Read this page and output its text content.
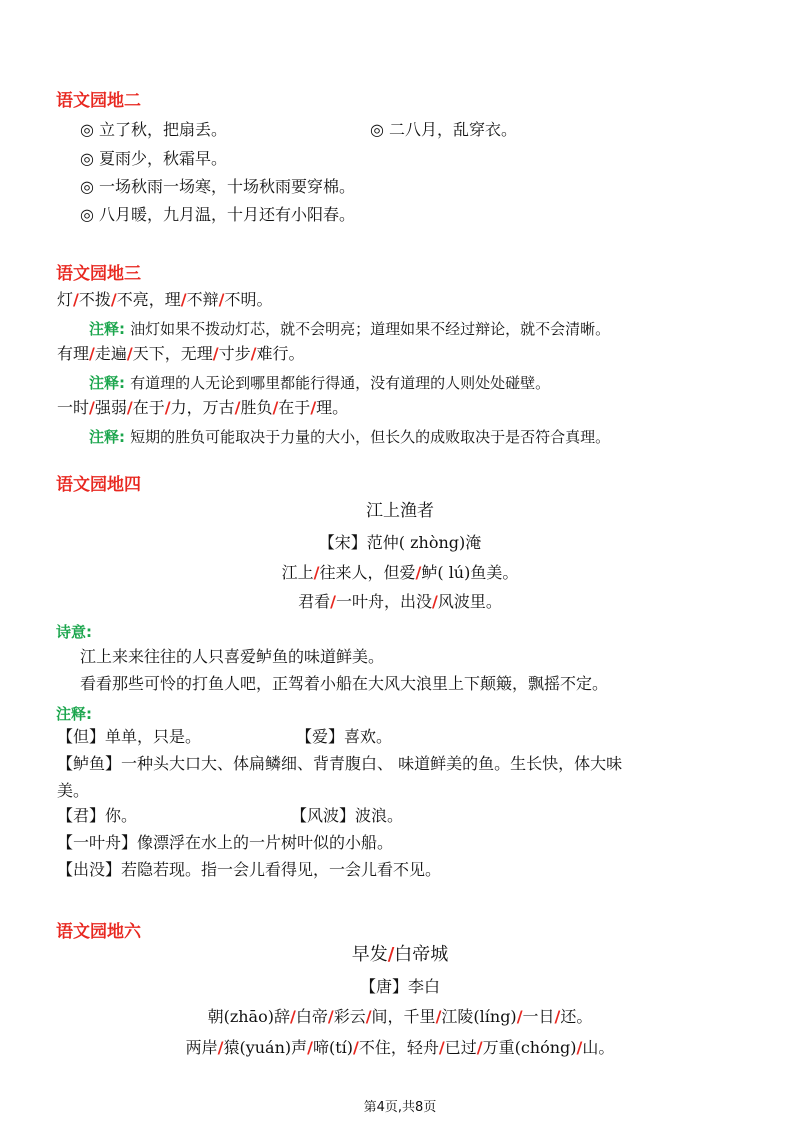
语文园地二
◎ 立了秋，把扇丢。	◎ 二八月，乱穿衣。
◎ 夏雨少，秋霜早。
◎ 一场秋雨一场寒，十场秋雨要穿棉。
◎ 八月暖，九月温，十月还有小阳春。
语文园地三
灯/不拨/不亮，理/不辩/不明。
注释: 油灯如果不拨动灯芯，就不会明亮；道理如果不经过辩论，就不会清晰。
有理/走遍/天下，无理/寸步/难行。
注释: 有道理的人无论到哪里都能行得通，没有道理的人则处处碰壁。
一时/强弱/在于/力，万古/胜负/在于/理。
注释: 短期的胜负可能取决于力量的大小，但长久的成败取决于是否符合真理。
语文园地四
江上渔者
【宋】范仲( zhòng)淹
江上/往来人，但爱/鲈( lú)鱼美。
君看/一叶舟，出没/风波里。
诗意:
江上来来往往的人只喜爱鲈鱼的味道鲜美。
看看那些可怜的打鱼人吧，正驾着小船在大风大浪里上下颠簸，飘摇不定。
注释:
【但】单单，只是。	【爱】喜欢。
【鲈鱼】一种头大口大、体扁鳞细、背青腹白、 味道鲜美的鱼。生长快，体大味
美。
【君】你。	【风波】波浪。
【一叶舟】像漂浮在水上的一片树叶似的小船。
【出没】若隐若现。指一会儿看得见，一会儿看不见。
语文园地六
早发/白帝城
【唐】李白
朝(zhāo)辞/白帝/彩云/间，千里/江陵(líng)/一日/还。
两岸/猿(yuán)声/啼(tí)/不住，轻舟/已过/万重(chóng)/山。
第4页,共8页
